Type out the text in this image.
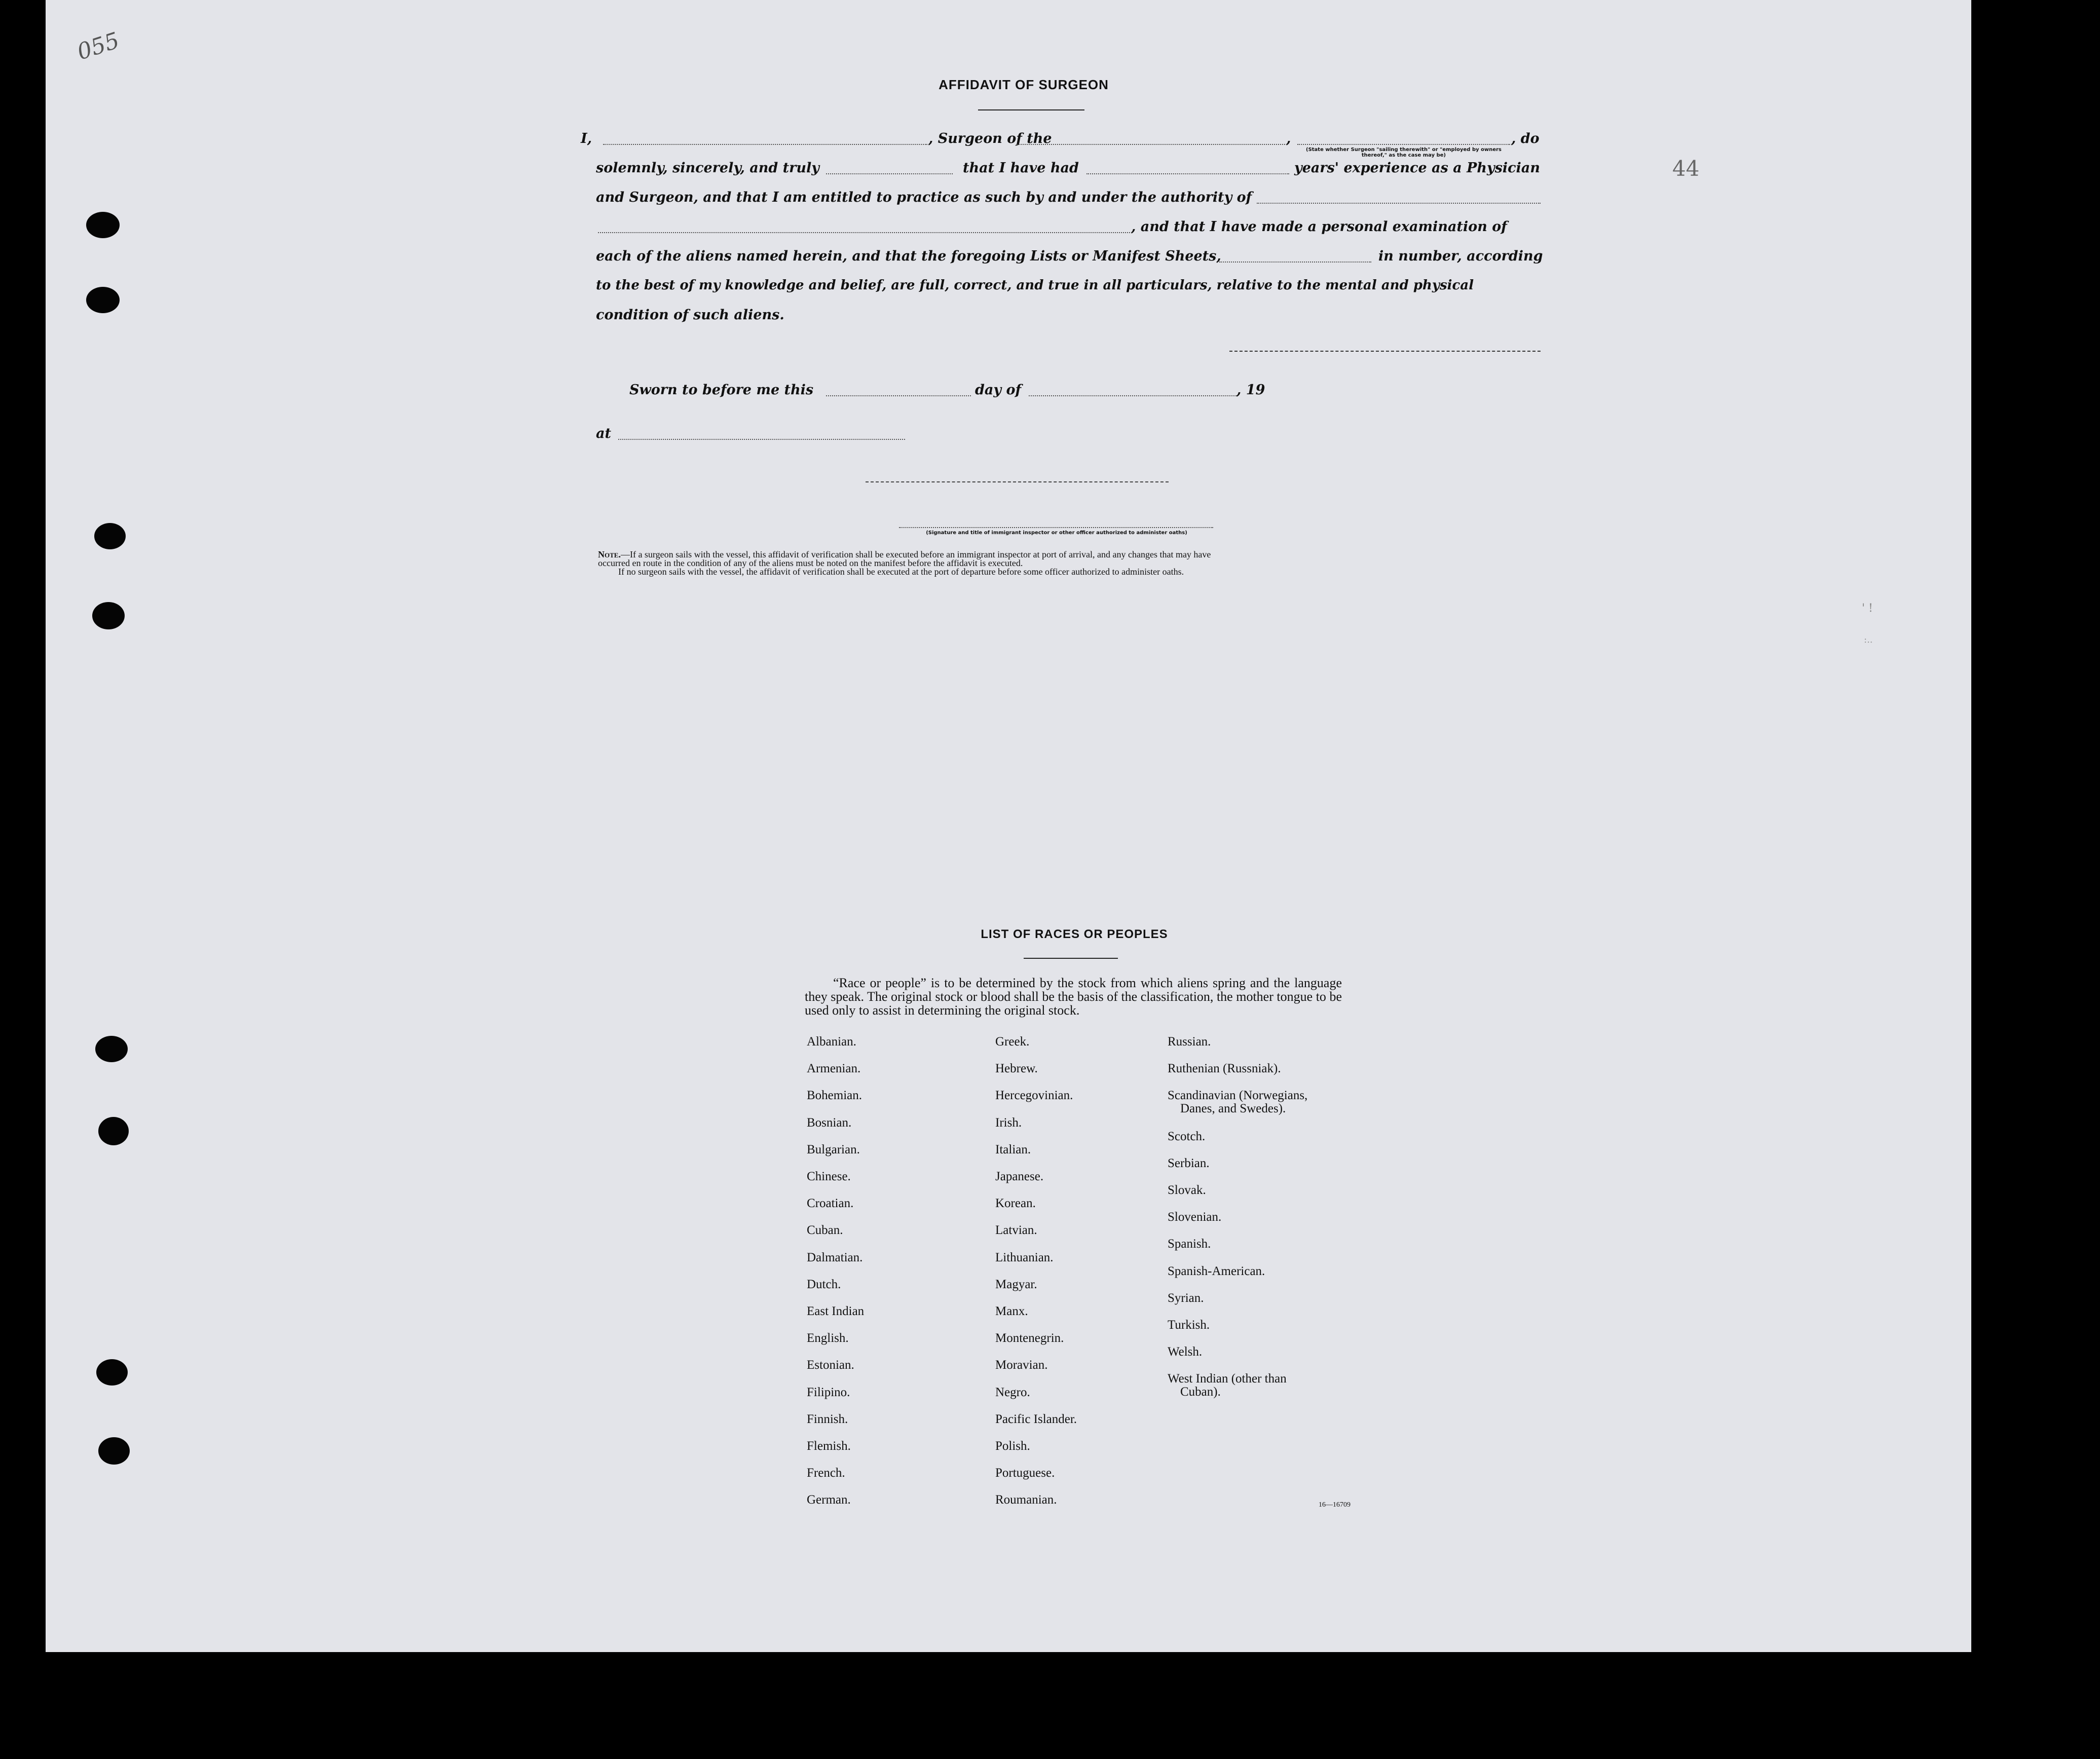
055
44
AFFIDAVIT OF SURGEON
I,	, Surgeon of the	,	, do
(State whether Surgeon "sailing therewith" or "employed by owners thereof," as the case may be)
solemnly, sincerely, and truly	that I have had	years' experience as a Physician
and Surgeon, and that I am entitled to practice as such by and under the authority of
, and that I have made a personal examination of
each of the aliens named herein, and that the foregoing Lists or Manifest Sheets,	in number, according
to the best of my knowledge and belief, are full, correct, and true in all particulars, relative to the mental and physical
condition of such aliens.
Sworn to before me this	day of	, 19
at
(Signature and title of immigrant inspector or other officer authorized to administer oaths)
Note.—If a surgeon sails with the vessel, this affidavit of verification shall be executed before an immigrant inspector at port of arrival, and any changes that may have
occurred en route in the condition of any of the aliens must be noted on the manifest before the affidavit is executed.
If no surgeon sails with the vessel, the affidavit of verification shall be executed at the port of departure before some officer authorized to administer oaths.
LIST OF RACES OR PEOPLES
“Race or people” is to be determined by the stock from which aliens spring and the language they speak. The original stock or blood shall be the basis of the classification, the mother tongue to be used only to assist in determining the original stock.
Albanian.
Armenian.
Bohemian.
Bosnian.
Bulgarian.
Chinese.
Croatian.
Cuban.
Dalmatian.
Dutch.
East Indian
English.
Estonian.
Filipino.
Finnish.
Flemish.
French.
German.
Greek.
Hebrew.
Hercegovinian.
Irish.
Italian.
Japanese.
Korean.
Latvian.
Lithuanian.
Magyar.
Manx.
Montenegrin.
Moravian.
Negro.
Pacific Islander.
Polish.
Portuguese.
Roumanian.
Russian.
Ruthenian (Russniak).
Scandinavian (Norwegians,
Danes, and Swedes).
Scotch.
Serbian.
Slovak.
Slovenian.
Spanish.
Spanish-American.
Syrian.
Turkish.
Welsh.
West Indian (other than
Cuban).
16—16709
' !
:..
